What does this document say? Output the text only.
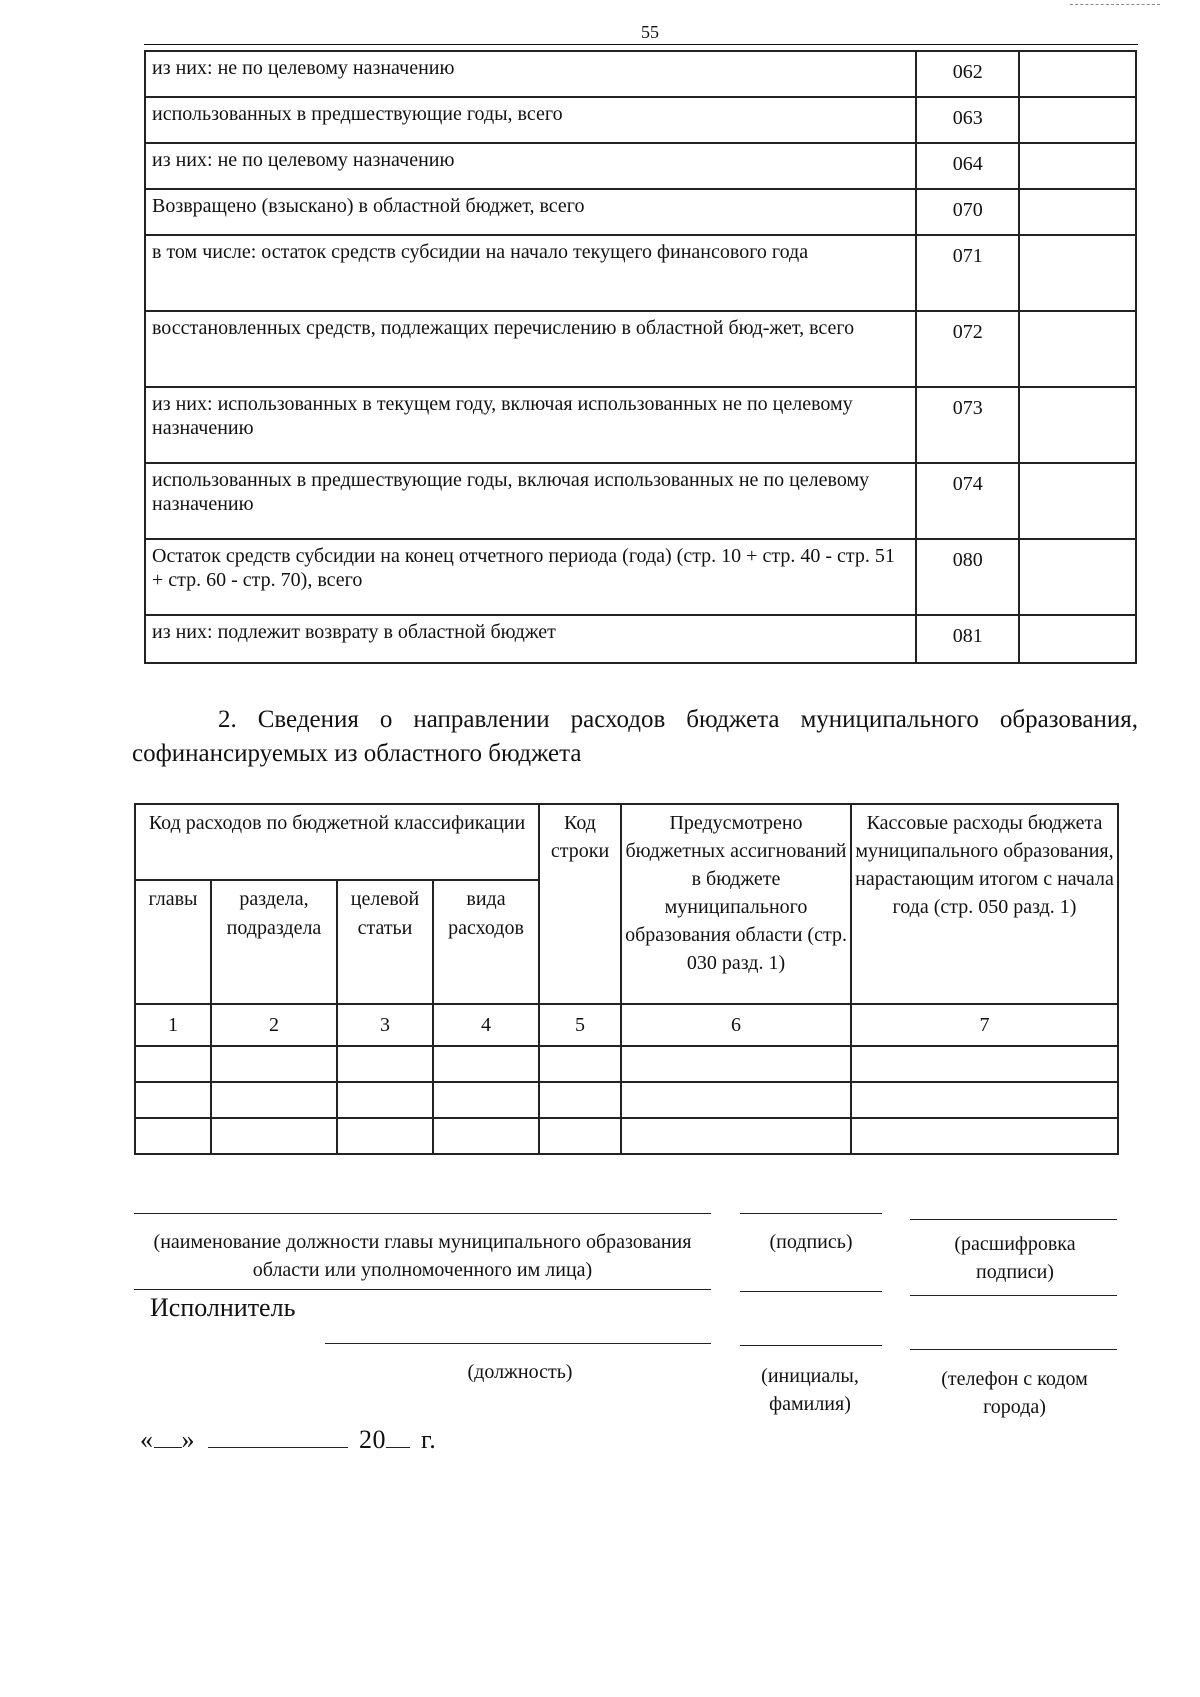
55
из них: не по целевому назначению	062	
использованных в предшествующие годы, всего	063	
из них: не по целевому назначению	064	
Возвращено (взыскано) в областной бюджет, всего	070	
в том числе: остаток средств субсидии на начало текущего финансового года	071	
восстановленных средств, подлежащих перечислению в областной бюд-жет, всего	072	
из них: использованных в текущем году, включая использованных не по целевому назначению	073	
использованных в предшествующие годы, включая использованных не по целевому назначению	074	
Остаток средств субсидии на конец отчетного периода (года) (стр. 10 + стр. 40 - стр. 51 + стр. 60 - стр. 70), всего	080	
из них: подлежит возврату в областной бюджет	081	
2. Сведения о направлении расходов бюджета муниципального образования, софинансируемых из областного бюджета
Код расходов по бюджетной классификации				Код строки	Предусмотрено бюджетных ассигнований в бюджете муниципального образования области (стр. 030 разд. 1)	Кассовые расходы бюджета муниципального образования, нарастающим итогом с начала года (стр. 050 разд. 1)
главы	раздела, подраздела	целевой статьи	вида расходов			
1	2	3	4	5	6	7

(наименование должности главы муниципального образования области или уполномоченного им лица)
(подпись)	(расшифровка подписи)
Исполнитель
(должность)	(инициалы, фамилия)
(телефон с кодом города)
« »	20 г.
